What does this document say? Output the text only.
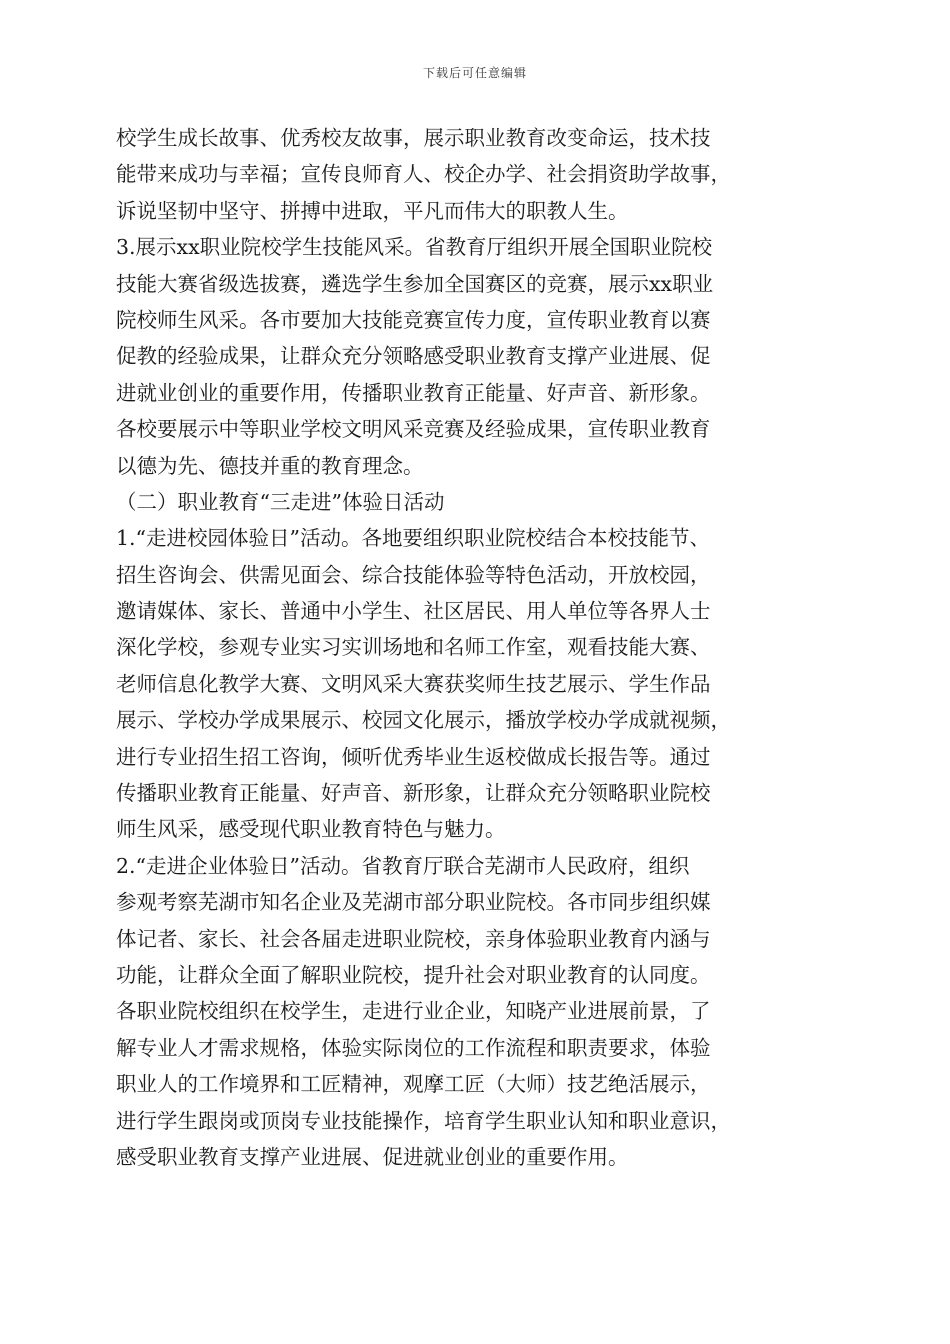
下载后可任意编辑
校学生成长故事、优秀校友故事，展示职业教育改变命运，技术技
能带来成功与幸福；宣传良师育人、校企办学、社会捐资助学故事，
诉说坚韧中坚守、拼搏中进取，平凡而伟大的职教人生。
3.展示xx职业院校学生技能风采。省教育厅组织开展全国职业院校
技能大赛省级选拔赛，遴选学生参加全国赛区的竞赛，展示xx职业
院校师生风采。各市要加大技能竞赛宣传力度，宣传职业教育以赛
促教的经验成果，让群众充分领略感受职业教育支撑产业进展、促
进就业创业的重要作用，传播职业教育正能量、好声音、新形象。
各校要展示中等职业学校文明风采竞赛及经验成果，宣传职业教育
以德为先、德技并重的教育理念。
（二）职业教育“三走进”体验日活动
1.“走进校园体验日”活动。各地要组织职业院校结合本校技能节、
招生咨询会、供需见面会、综合技能体验等特色活动，开放校园，
邀请媒体、家长、普通中小学生、社区居民、用人单位等各界人士
深化学校，参观专业实习实训场地和名师工作室，观看技能大赛、
老师信息化教学大赛、文明风采大赛获奖师生技艺展示、学生作品
展示、学校办学成果展示、校园文化展示，播放学校办学成就视频，
进行专业招生招工咨询，倾听优秀毕业生返校做成长报告等。通过
传播职业教育正能量、好声音、新形象，让群众充分领略职业院校
师生风采，感受现代职业教育特色与魅力。
2.“走进企业体验日”活动。省教育厅联合芜湖市人民政府，组织
参观考察芜湖市知名企业及芜湖市部分职业院校。各市同步组织媒
体记者、家长、社会各届走进职业院校，亲身体验职业教育内涵与
功能，让群众全面了解职业院校，提升社会对职业教育的认同度。
各职业院校组织在校学生，走进行业企业，知晓产业进展前景，了
解专业人才需求规格，体验实际岗位的工作流程和职责要求，体验
职业人的工作境界和工匠精神，观摩工匠（大师）技艺绝活展示，
进行学生跟岗或顶岗专业技能操作，培育学生职业认知和职业意识，
感受职业教育支撑产业进展、促进就业创业的重要作用。
